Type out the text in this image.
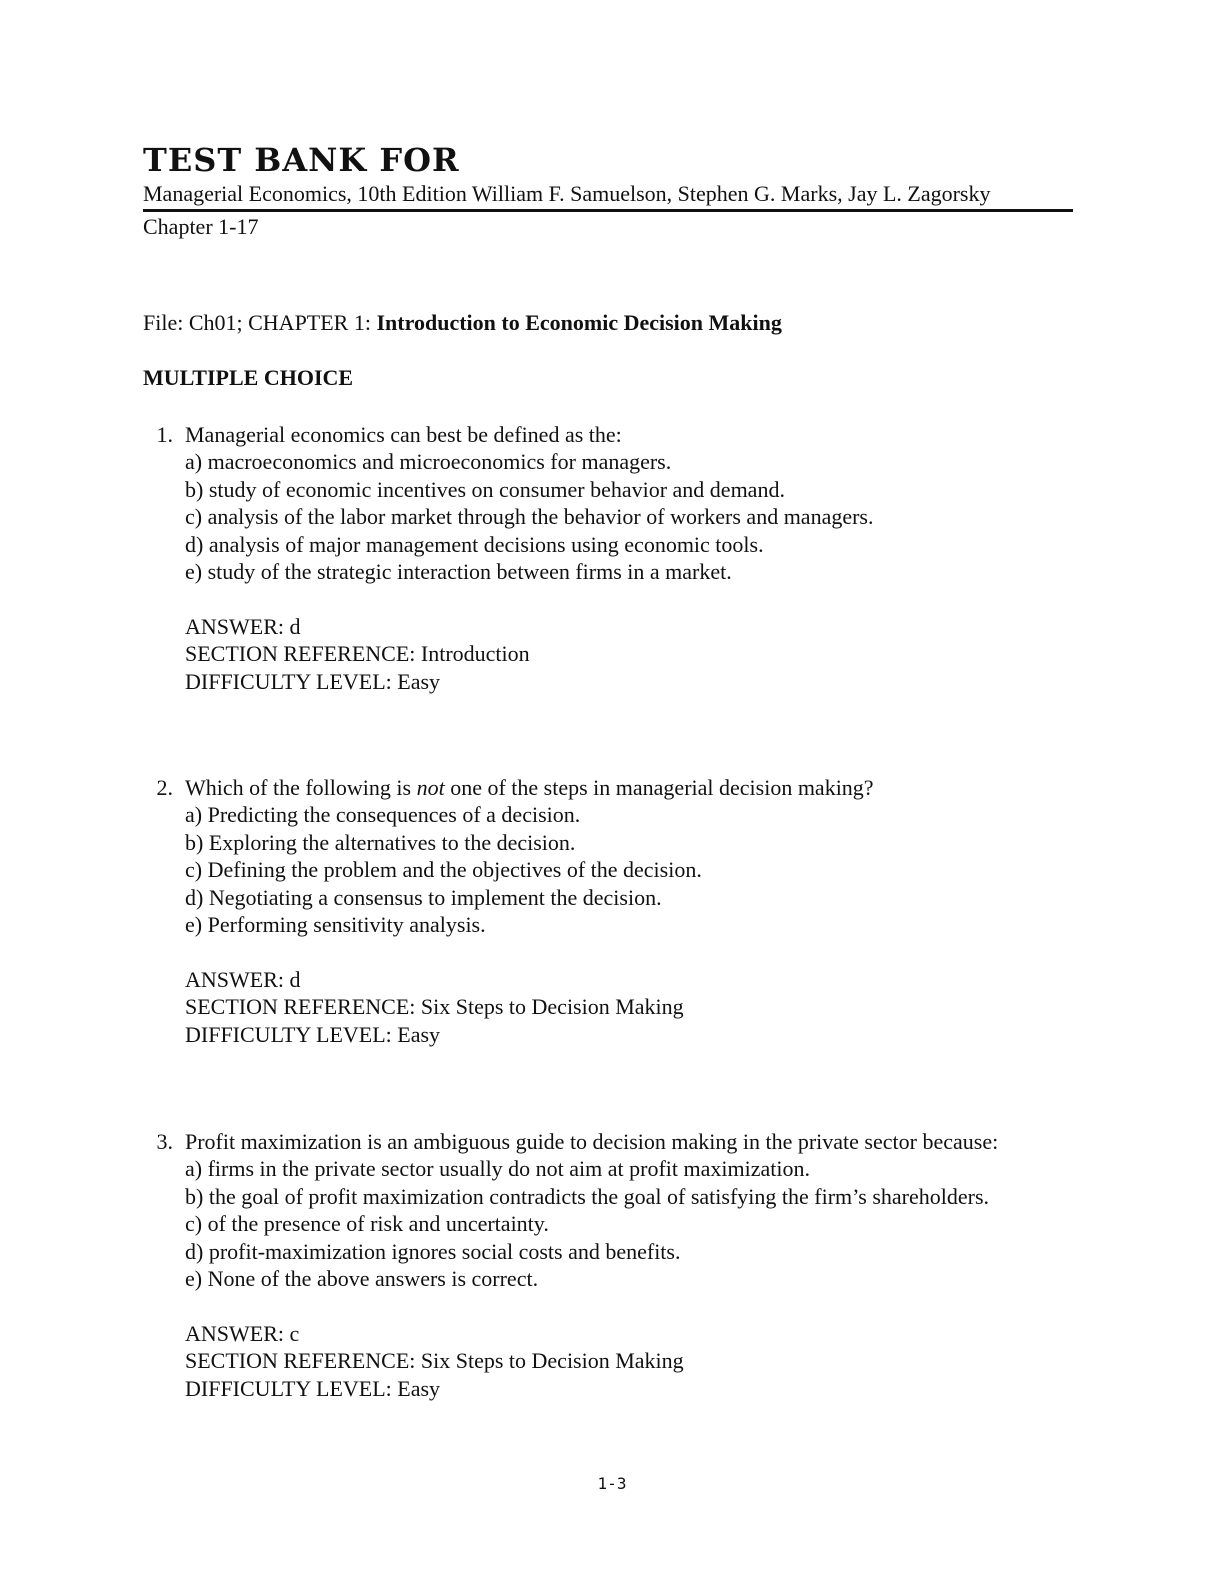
TEST BANK FOR
Managerial Economics, 10th Edition William F. Samuelson, Stephen G. Marks, Jay L. Zagorsky
Chapter 1-17
File: Ch01; CHAPTER 1: Introduction to Economic Decision Making
MULTIPLE CHOICE
1. Managerial economics can best be defined as the:
a) macroeconomics and microeconomics for managers.
b) study of economic incentives on consumer behavior and demand.
c) analysis of the labor market through the behavior of workers and managers.
d) analysis of major management decisions using economic tools.
e) study of the strategic interaction between firms in a market.
ANSWER: d
SECTION REFERENCE: Introduction
DIFFICULTY LEVEL: Easy
2. Which of the following is not one of the steps in managerial decision making?
a) Predicting the consequences of a decision.
b) Exploring the alternatives to the decision.
c) Defining the problem and the objectives of the decision.
d) Negotiating a consensus to implement the decision.
e) Performing sensitivity analysis.
ANSWER: d
SECTION REFERENCE: Six Steps to Decision Making
DIFFICULTY LEVEL: Easy
3. Profit maximization is an ambiguous guide to decision making in the private sector because:
a) firms in the private sector usually do not aim at profit maximization.
b) the goal of profit maximization contradicts the goal of satisfying the firm’s shareholders.
c) of the presence of risk and uncertainty.
d) profit-maximization ignores social costs and benefits.
e) None of the above answers is correct.
ANSWER: c
SECTION REFERENCE: Six Steps to Decision Making
DIFFICULTY LEVEL: Easy
1-3
